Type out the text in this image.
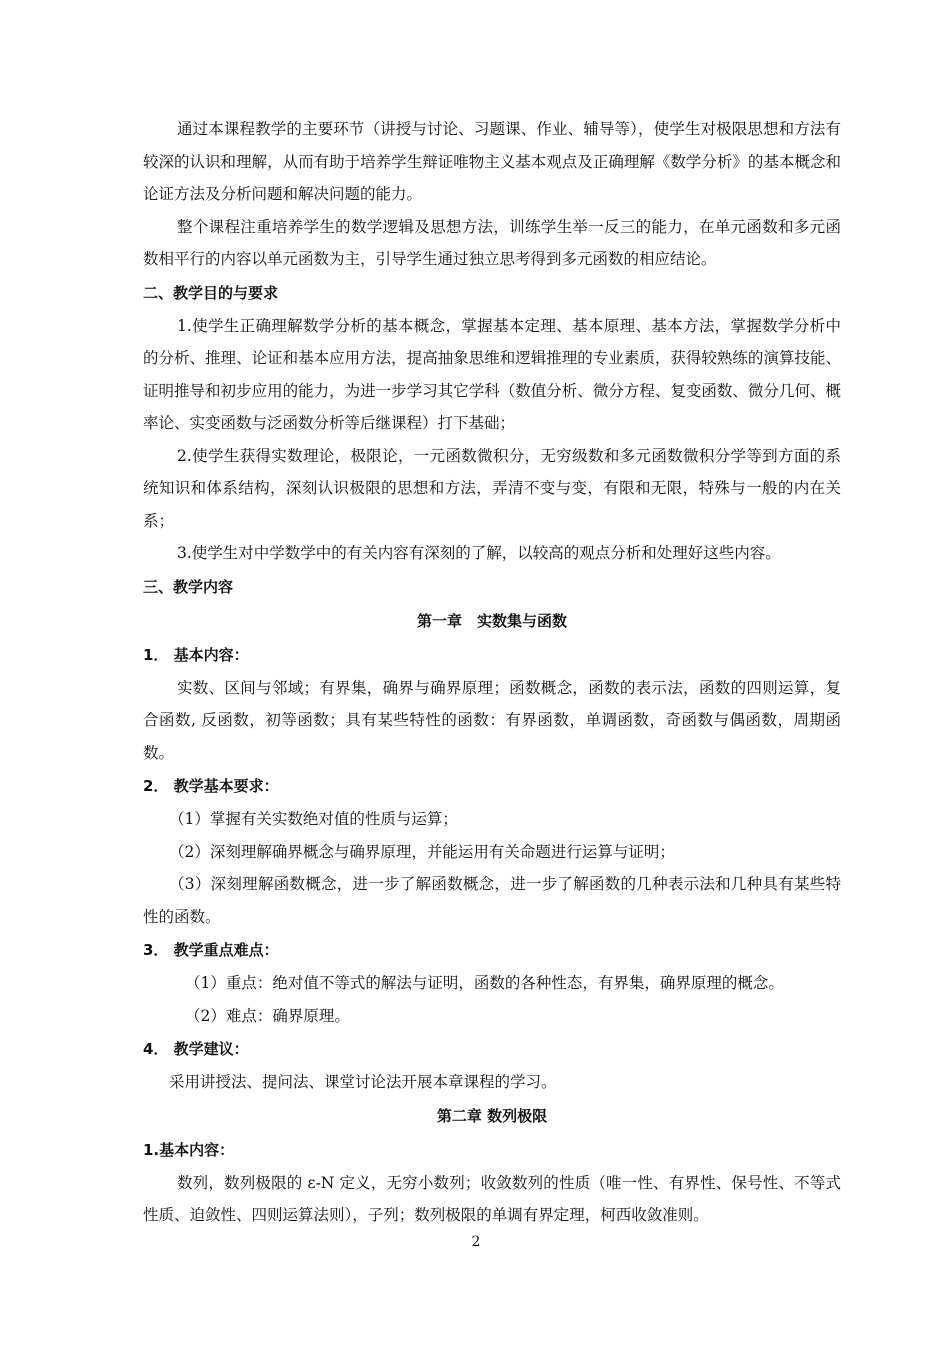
通过本课程教学的主要环节（讲授与讨论、习题课、作业、辅导等），使学生对极限思想和方法有较深的认识和理解，从而有助于培养学生辩证唯物主义基本观点及正确理解《数学分析》的基本概念和论证方法及分析问题和解决问题的能力。

整个课程注重培养学生的数学逻辑及思想方法，训练学生举一反三的能力，在单元函数和多元函数相平行的内容以单元函数为主，引导学生通过独立思考得到多元函数的相应结论。

二、教学目的与要求

1.使学生正确理解数学分析的基本概念，掌握基本定理、基本原理、基本方法，掌握数学分析中的分析、推理、论证和基本应用方法，提高抽象思维和逻辑推理的专业素质，获得较熟练的演算技能、证明推导和初步应用的能力，为进一步学习其它学科（数值分析、微分方程、复变函数、微分几何、概率论、实变函数与泛函数分析等后继课程）打下基础；

2.使学生获得实数理论，极限论，一元函数微积分，无穷级数和多元函数微积分学等到方面的系统知识和体系结构，深刻认识极限的思想和方法，弄清不变与变，有限和无限，特殊与一般的内在关系；

3.使学生对中学数学中的有关内容有深刻的了解，以较高的观点分析和处理好这些内容。

三、教学内容

第一章　实数集与函数

1． 基本内容：

实数、区间与邻域；有界集，确界与确界原理；函数概念，函数的表示法，函数的四则运算，复合函数, 反函数，初等函数；具有某些特性的函数：有界函数，单调函数，奇函数与偶函数，周期函数。

2． 教学基本要求：

（1）掌握有关实数绝对值的性质与运算；

（2）深刻理解确界概念与确界原理，并能运用有关命题进行运算与证明；

（3）深刻理解函数概念，进一步了解函数概念，进一步了解函数的几种表示法和几种具有某些特性的函数。

3． 教学重点难点：

（1）重点：绝对值不等式的解法与证明，函数的各种性态，有界集，确界原理的概念。

（2）难点：确界原理。

4． 教学建议：

采用讲授法、提问法、课堂讨论法开展本章课程的学习。

第二章 数列极限

1.基本内容：

数列，数列极限的 ε-N 定义，无穷小数列；收敛数列的性质（唯一性、有界性、保号性、不等式性质、迫敛性、四则运算法则），子列；数列极限的单调有界定理，柯西收敛准则。

2
